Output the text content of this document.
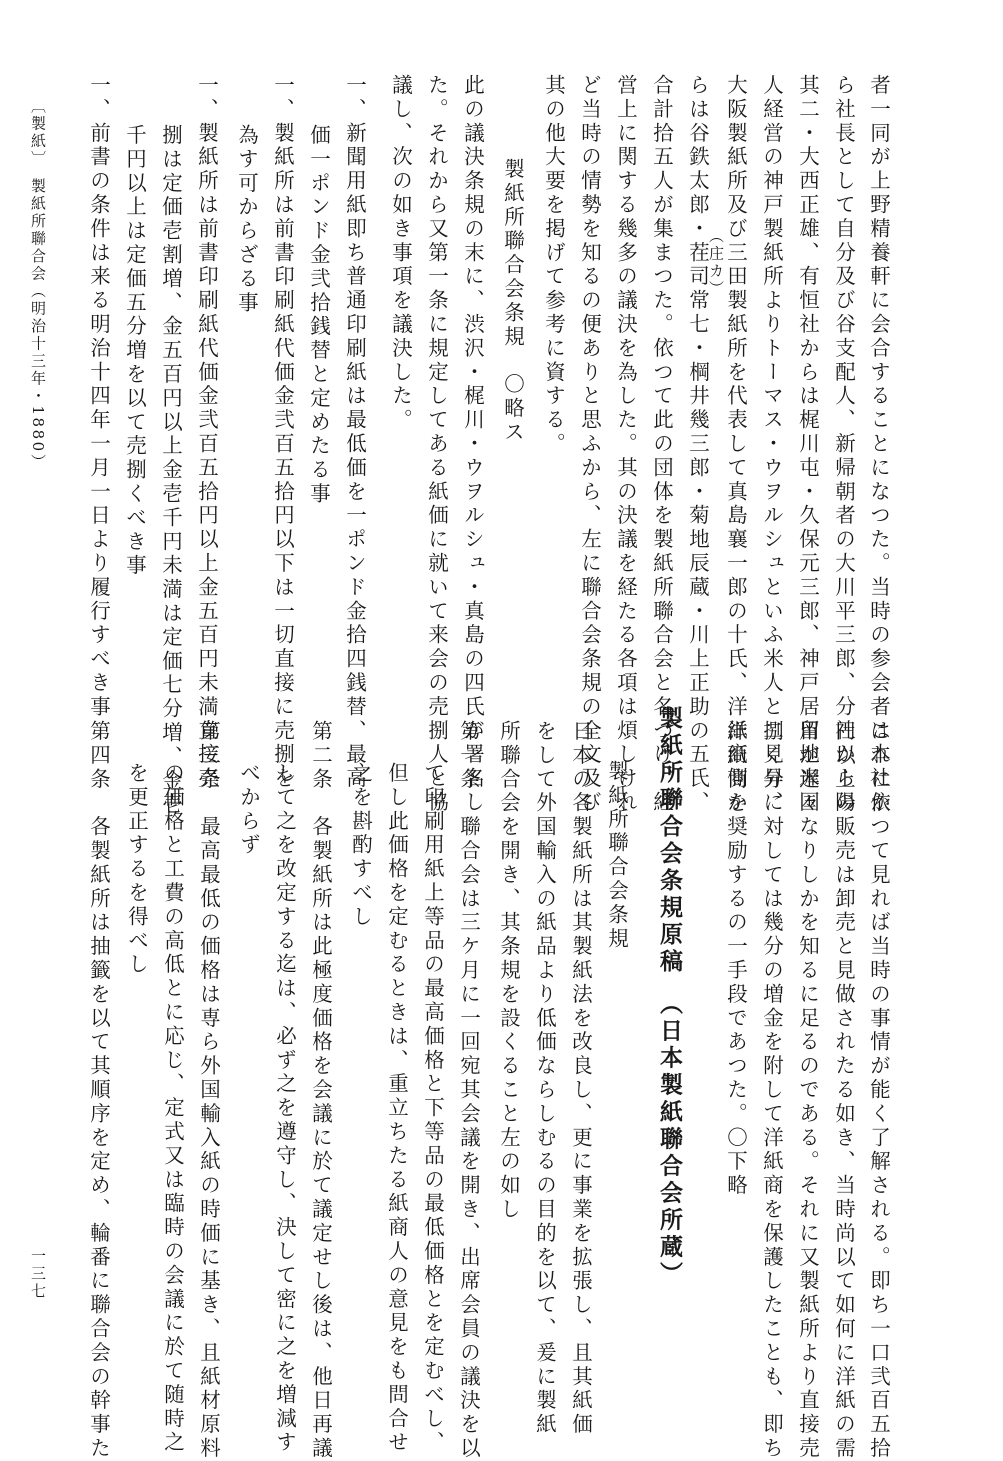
者一同が上野精養軒に会合することになつた。当時の参会者は本社か
ら社長として自分及び谷支配人、新帰朝者の大川平三郎、分社から陽
其二・大西正雄、有恒社からは梶川屯・久保元三郎、神戸居留地米国
人経営の神戸製紙所よりトーマス・ウヲルシュといふ米人と二見昇、
大阪製紙所及び三田製紙所を代表して真島襄一郎の十氏、洋紙商側か
（庄カ）
らは谷鉄太郎・茬司常七・棡井幾三郎・菊地辰蔵・川上正助の五氏、
合計拾五人が集まつた。依つて此の団体を製紙所聯合会と名づけ、経
営上に関する幾多の議決を為した。其の決議を経たる各項は煩しけれ
ど当時の情勢を知るの便ありと思ふから、左に聯合会条規の全文及び
其の他大要を掲げて参考に資する。
製紙所聯合会条規　〇略ス
此の議決条規の末に、渋沢・梶川・ウヲルシュ・真島の四氏が署名し
た。それから又第一条に規定してある紙価に就いて来会の売捌人と協
議し、次の如き事項を議決した。
一、新聞用紙即ち普通印刷紙は最低価を一ポンド金拾四銭替、最高
価一ポンド金弐拾銭替と定めたる事
一、製紙所は前書印刷紙代価金弐百五拾円以下は一切直接に売捌を
為す可からざる事
一、製紙所は前書印刷紙代価金弐百五拾円以上金五百円未満直接売
捌は定価壱割増、金五百円以上金壱千円未満は定価七分増、金壱
千円以上は定価五分増を以て売捌くべき事
一、前書の条件は来る明治十四年一月一日より履行すべき事
これに依つて見れば当時の事情が能く了解される。即ち一口弐百五拾
円以上の販売は卸売と見做されたる如き、当時尚以て如何に洋紙の需
用が遅々なりしかを知るに足るのである。それに又製紙所より直接売
捌く分に対しては幾分の増金を附して洋紙商を保護したことも、即ち
洋紙商を奨励するの一手段であつた。〇下略
製紙所聯合会条規原稿　（日本製紙聯合会所蔵）
製紙所聯合会条規
日本の各製紙所は其製紙法を改良し、更に事業を拡張し、且其紙価
をして外国輸入の紙品より低価ならしむるの目的を以て、爰に製紙
所聯合会を開き、其条規を設くること左の如し
第一条　聯合会は三ケ月に一回宛其会議を開き、出席会員の議決を以
て印刷用紙上等品の最高価格と下等品の最低価格とを定むべし、
但し此価格を定むるときは、重立ちたる紙商人の意見をも問合せ
之を斟酌すべし
第二条　各製紙所は此極度価格を会議に於て議定せし後は、他日再議
して之を改定する迄は、必ず之を遵守し、決して密に之を増減す
べからず
第三条　最高最低の価格は専ら外国輸入紙の時価に基き、且紙材原料
の価格と工費の高低とに応じ、定式又は臨時の会議に於て随時之
を更正するを得べし
第四条　各製紙所は抽籤を以て其順序を定め、輪番に聯合会の幹事た
〔製紙〕　製紙所聯合会（明治十三年・1880）
一三七
